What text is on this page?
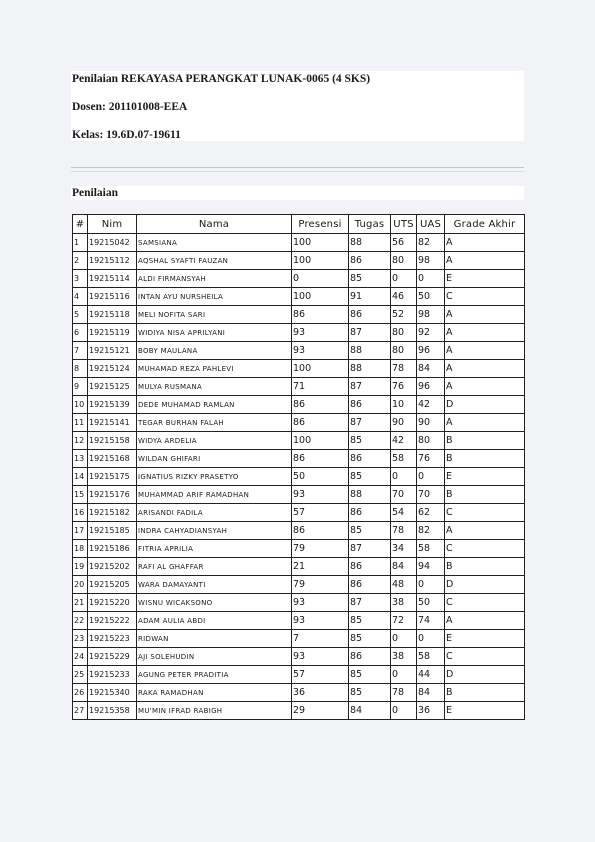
Penilaian REKAYASA PERANGKAT LUNAK-0065 (4 SKS)
Dosen: 201101008-EEA
Kelas: 19.6D.07-19611
Penilaian
#	Nim	Nama	Presensi	Tugas	UTS	UAS	Grade Akhir
1	19215042	SAMSIANA	100	88	56	82	A
2	19215112	AQSHAL SYAFTI FAUZAN	100	86	80	98	A
3	19215114	ALDI FIRMANSYAH	0	85	0	0	E
4	19215116	INTAN AYU NURSHEILA	100	91	46	50	C
5	19215118	MELI NOFITA SARI	86	86	52	98	A
6	19215119	WIDIYA NISA APRILYANI	93	87	80	92	A
7	19215121	BOBY MAULANA	93	88	80	96	A
8	19215124	MUHAMAD REZA PAHLEVI	100	88	78	84	A
9	19215125	MULYA RUSMANA	71	87	76	96	A
10	19215139	DEDE MUHAMAD RAMLAN	86	86	10	42	D
11	19215141	TEGAR BURHAN FALAH	86	87	90	90	A
12	19215158	WIDYA ARDELIA	100	85	42	80	B
13	19215168	WILDAN GHIFARI	86	86	58	76	B
14	19215175	IGNATIUS RIZKY PRASETYO	50	85	0	0	E
15	19215176	MUHAMMAD ARIF RAMADHAN	93	88	70	70	B
16	19215182	ARISANDI FADILA	57	86	54	62	C
17	19215185	INDRA CAHYADIANSYAH	86	85	78	82	A
18	19215186	FITRIA APRILIA	79	87	34	58	C
19	19215202	RAFI AL GHAFFAR	21	86	84	94	B
20	19215205	WARA DAMAYANTI	79	86	48	0	D
21	19215220	WISNU WICAKSONO	93	87	38	50	C
22	19215222	ADAM AULIA ABDI	93	85	72	74	A
23	19215223	RIDWAN	7	85	0	0	E
24	19215229	AJI SOLEHUDIN	93	86	38	58	C
25	19215233	AGUNG PETER PRADITIA	57	85	0	44	D
26	19215340	RAKA RAMADHAN	36	85	78	84	B
27	19215358	MU'MIN IFRAD RABIGH	29	84	0	36	E
